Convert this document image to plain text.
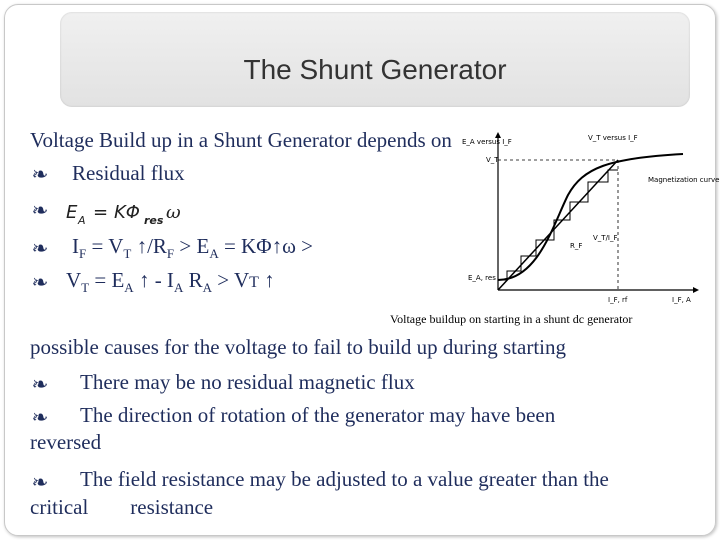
The Shunt Generator
Voltage Build up in a Shunt Generator depends on
❧ Residual flux
❧ E A = KΦ res ω
❧ $I_F = V_T$ $↑/R_F > E_A$ = KΦ↑ω >
❧ $V_T = E_A$ ↑ - $I_A$ $R_A$ > VT ↑
E_A versus I_F	V_T versus I_F
V_T
Magnetization curve
E_A, res
I_F, A
V_T/I_F
R_F
I_F, rf
Voltage buildup on starting in a shunt dc generator
possible causes for the voltage to fail to build up during starting
❧ There may be no residual magnetic flux
❧ The direction of rotation of the generator may have been
reversed
❧ The field resistance may be adjusted to a value greater than the
critical        resistance
